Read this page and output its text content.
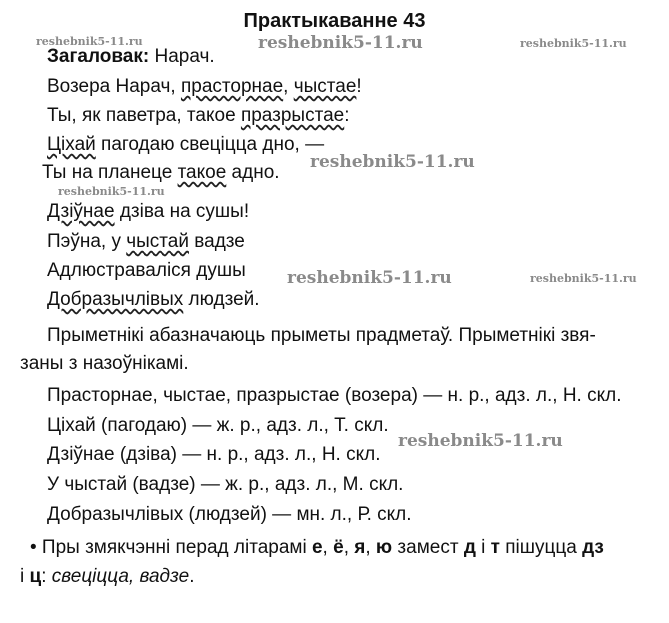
Практыкаванне 43
reshebnik5-11.ru	reshebnik5-11.ru	reshebnik5-11.ru
reshebnik5-11.ru
reshebnik5-11.ru
reshebnik5-11.ru	reshebnik5-11.ru
reshebnik5-11.ru
Загаловак: Нарач.
Возера Нарач, прасторнае, чыстае!
Ты, як паветра, такое празрыстае:
Ціхай пагодаю свеціцца дно, —
Ты на планеце такое адно.
Дзіўнае дзіва на сушы!
Пэўна, у чыстай вадзе
Адлюстраваліся душы
Добразычлівых людзей.
Прыметнікі абазначаюць прыметы прадметаў. Прыметнікі звя-
заны з назоўнікамі.
Прасторнае, чыстае, празрыстае (возера) — н. р., адз. л., Н. скл.
Ціхай (пагодаю) — ж. р., адз. л., Т. скл.
Дзіўнае (дзіва) — н. р., адз. л., Н. скл.
У чыстай (вадзе) — ж. р., адз. л., М. скл.
Добразычлівых (людзей) — мн. л., Р. скл.
• Пры змякчэнні перад літарамі е, ё, я, ю замест д і т пішуцца дз
і ц: свеціцца, вадзе.
